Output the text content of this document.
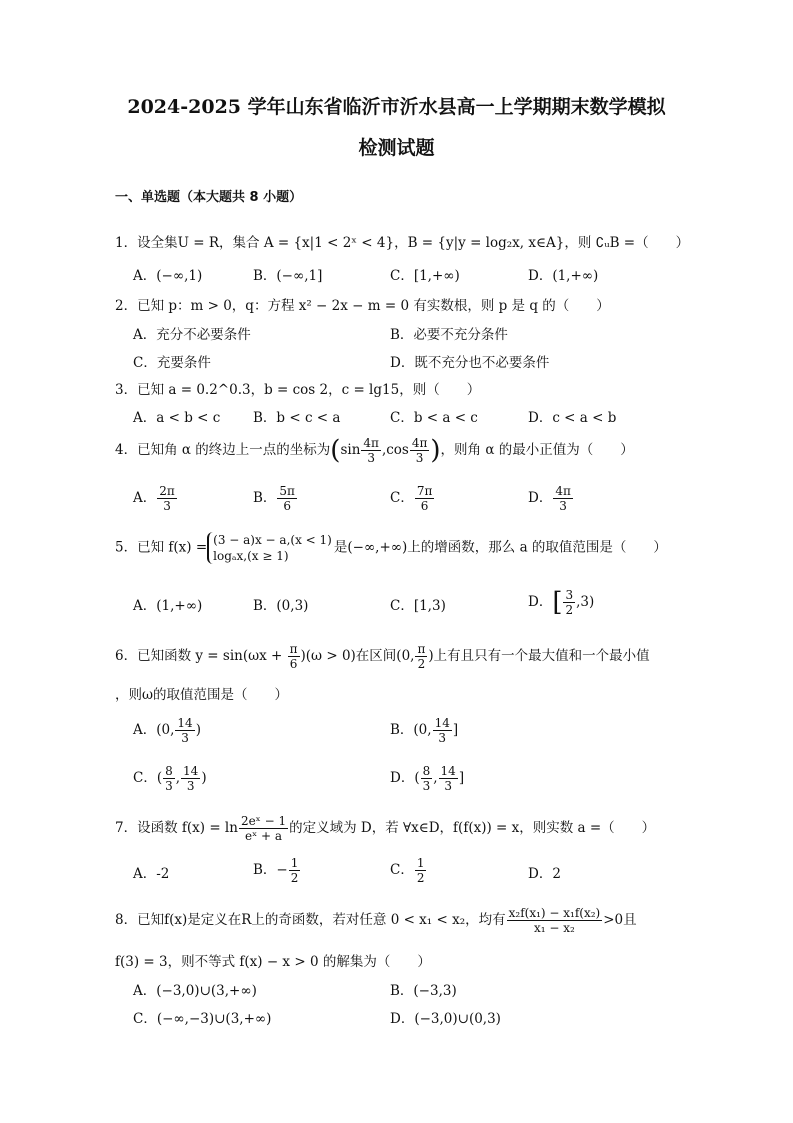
2024-2025 学年山东省临沂市沂水县高一上学期期末数学模拟
检测试题
一、单选题（本大题共 8 小题）
1．设全集U = R，集合 A = {x|1 < 2ˣ < 4}，B = {y|y = log₂x, x∈A}，则 ∁ᵤB =（　　）
A．(−∞,1)	B．(−∞,1]	C．[1,+∞)	D．(1,+∞)
2．已知 p：m > 0，q：方程 x² − 2x − m = 0 有实数根，则 p 是 q 的（　　）
A．充分不必要条件	B．必要不充分条件
C．充要条件	D．既不充分也不必要条件
3．已知 a = 0.2^0.3，b = cos 2，c = lg15，则（　　）
A．a < b < c B．b < c < a	C．b < a < c	D．c < a < b
4．已知角 α 的终边上一点的坐标为($\sin \frac{4\pi}{3} ,\cos \frac{4\pi}{3}$ )，则角 α 的最小正值为（　　）
A． $\frac{2\pi}{3}$	B． $\frac{5\pi}{6}$	C． $\frac{7\pi}{6}$	D． $\frac{4\pi}{3}$
5．已知 f(x) = (3 − a)x − a,(x < 1)
logₐx,(x ≥ 1)
是(−∞,+∞)上的增函数，那么 a 的取值范围是（　　）
A．(1,+∞)	B．(0,3)	C．[1,3)	D．[ $\frac{3}{2} ,3$)
6．已知函数 $y = \sin(\omega x + \frac{\pi}{6} )(\omega > 0)$在区间(0, $\frac{\pi}{2}$ )上有且只有一个最大值和一个最小值
，则ω的取值范围是（　　）
A．(0, $\frac{14}{3}$ )	B．(0, $\frac{14}{3}$ ]
C．( $\frac{8}{3}$ , $\frac{14}{3}$ )	D．( $\frac{8}{3}$ , $\frac{14}{3}$ ]
7．设函数 $f(x) = \ln \frac{\text{2eˣ − 1}}{\text{eˣ + a}}$ 的定义域为 D，若 ∀x∈D，f(f(x)) = x，则实数 a =（　　）
A．-2	B．− $\frac{1}{2}$	C． $\frac{1}{2}$	D．2
8．已知f(x)是定义在R上的奇函数，若对任意 0 < x₁ < x₂，均有 $\frac{\text{x₂f(x₁) − x₁f(x₂)}}{\text{x₁ − x₂}} >0$且
f(3) = 3，则不等式 f(x) − x > 0 的解集为（　　）
A．(−3,0)∪(3,+∞)	B．(−3,3)
C．(−∞,−3)∪(3,+∞)	D．(−3,0)∪(0,3)
